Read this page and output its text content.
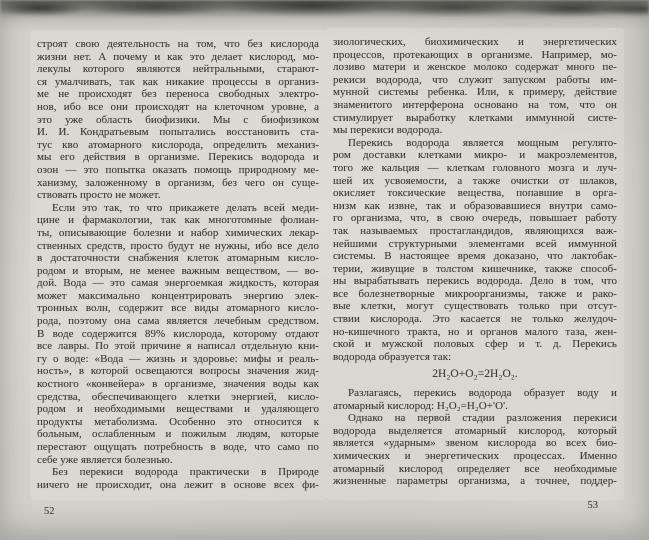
строят свою деятельность на том, что без кислорода
жизни нет. А почему и как это делает кислород, мо-
лекулы которого являются нейтральными, старают-
ся умалчивать, так как никакие процессы в организ-
ме не происходят без переноса свободных электро-
нов, ибо все они происходят на клеточном уровне, а
это уже область биофизики. Мы с биофизиком
И. И. Кондратьевым попытались восстановить ста-
тус кво атомарного кислорода, определить механиз-
мы его действия в организме. Перекись водорода и
озон — это попытка оказать помощь природному ме-
ханизму, заложенному в организм, без чего он суще-
ствовать просто не может.
Если это так, то что прикажете делать всей меди-
цине и фармакологии, так как многотомные фолиан-
ты, описывающие болезни и набор химических лекар-
ственных средств, просто будут не нужны, ибо все дело
в достаточности снабжения клеток атомарным кисло-
родом и вторым, не менее важным веществом, — во-
дой. Вода — это самая энергоемкая жидкость, которая
может максимально концентрировать энергию элек-
тронных волн, содержит все виды атомарного кисло-
рода, поэтому она сама является лечебным средством.
В воде содержится 89% кислорода, которому отдают
все лавры. По этой причине я написал отдельную кни-
гу о воде: «Вода — жизнь и здоровье: мифы и реаль-
ность», в которой освещаются вопросы значения жид-
костного «конвейера» в организме, значения воды как
средства, обеспечивающего клетки энергией, кисло-
родом и необходимыми веществами и удаляющего
продукты метаболизма. Особенно это относится к
больным, ослабленным и пожилым людям, которые
перестают ощущать потребность в воде, что само по
себе уже является болезнью.
Без перекиси водорода практически в Природе
ничего не происходит, она лежит в основе всех фи-
52
зиологических, биохимических и энергетических
процессов, протекающих в организме. Например, мо-
лозиво матери и женское молоко содержат много пе-
рекиси водорода, что служит запуском работы им-
мунной системы ребенка. Или, к примеру, действие
знаменитого интерферона основано на том, что он
стимулирует выработку клетками иммунной систе-
мы перекиси водорода.
Перекись водорода является мощным регулято-
ром доставки клетками микро- и макроэлементов,
того же кальция — клеткам головного мозга и луч-
шей их усвояемости, а также очистки от шлаков,
окисляет токсические вещества, попавшие в орга-
низм как извне, так и образовавшиеся внутри само-
го организма, что, в свою очередь, повышает работу
так называемых простагландидов, являющихся важ-
нейшими структурными элементами всей иммунной
системы. В настоящее время доказано, что лактобак-
терии, живущие в толстом кишечнике, также способ-
ны вырабатывать перекись водорода. Дело в том, что
все болезнетворные микроорганизмы, также и рако-
вые клетки, могут существовать только при отсут-
ствии кислорода. Это касается не только желудоч-
но-кишечного тракта, но и органов малого таза, жен-
ской и мужской половых сфер и т. д. Перекись
водорода образуется так:
2H₂O+O₂=2H₂O₂.
Разлагаясь, перекись водорода образует воду и
атомарный кислород: H₂O₂=H₂O+'O'.
Однако на первой стадии разложения перекиси
водорода выделяется атомарный кислород, который
является «ударным» звеном кислорода во всех био-
химических и энергетических процессах. Именно
атомарный кислород определяет все необходимые
жизненные параметры организма, а точнее, поддер-
53
